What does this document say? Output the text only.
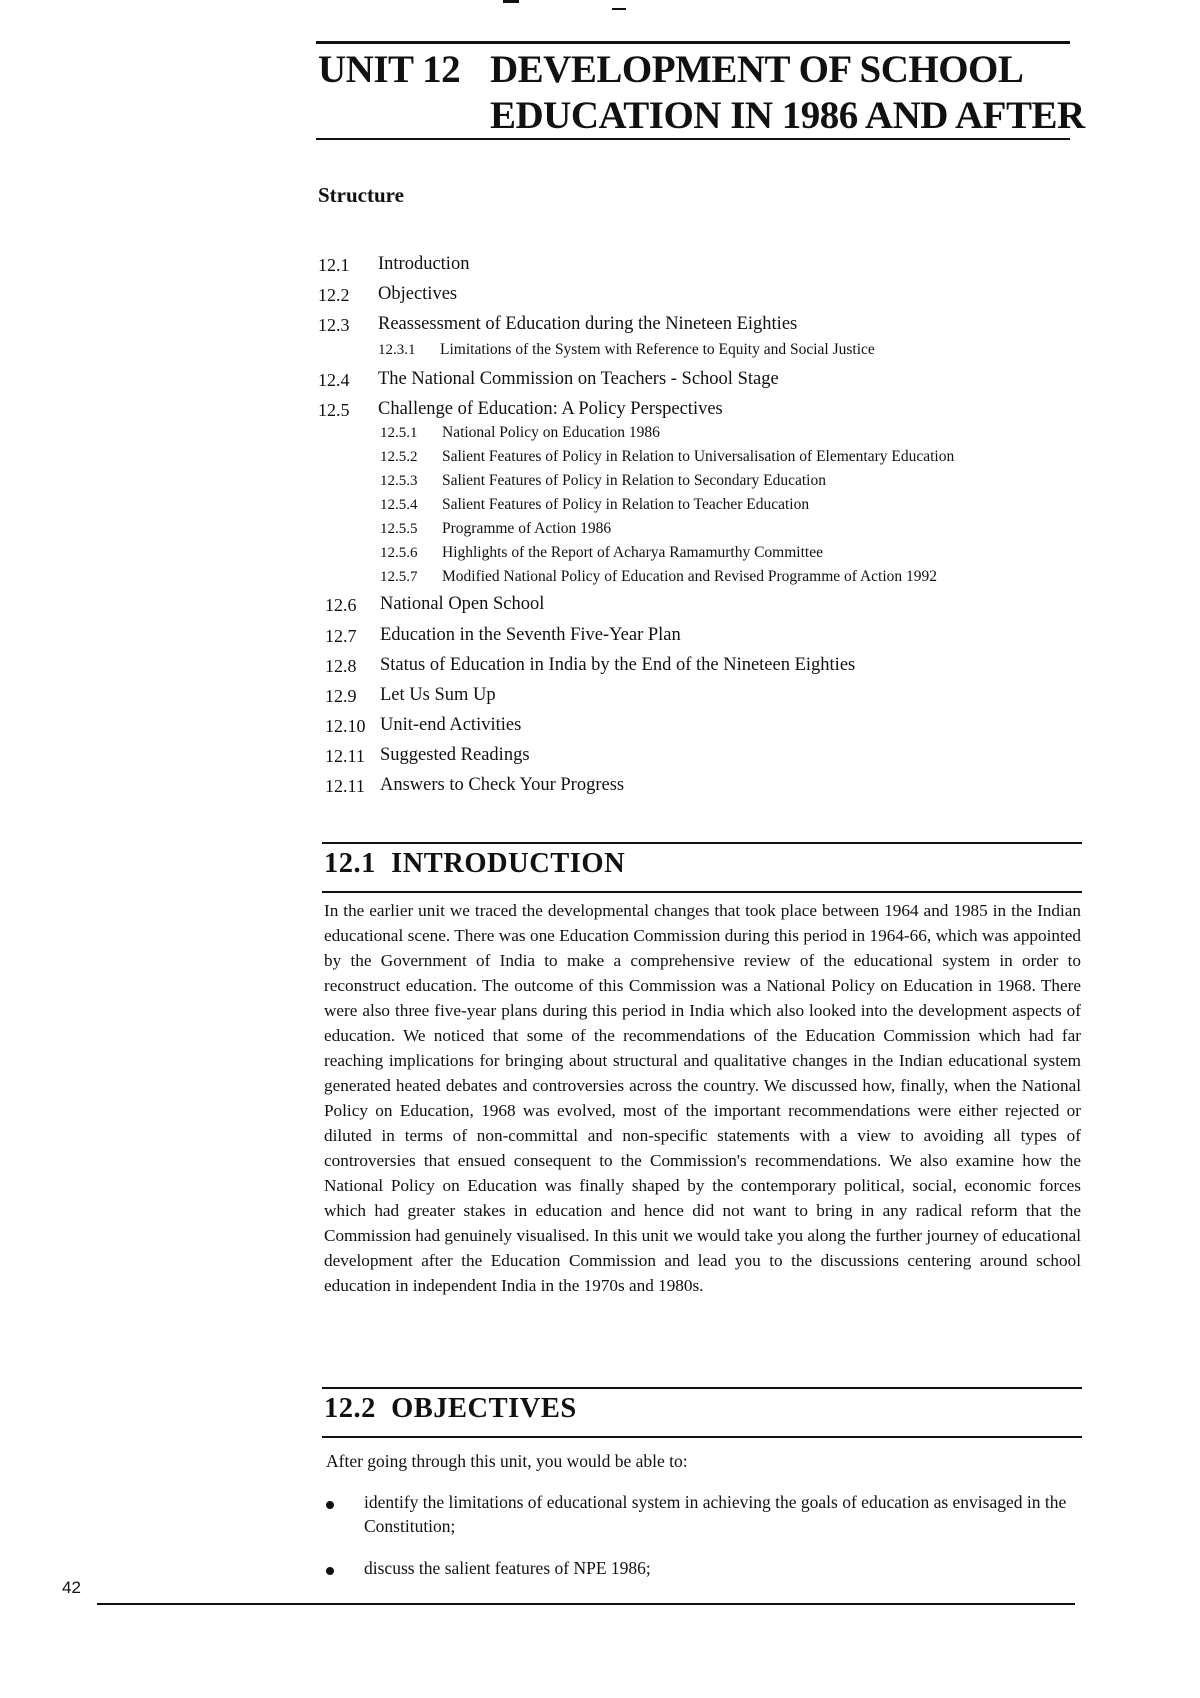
UNIT 12 DEVELOPMENT OF SCHOOL
EDUCATION IN 1986 AND AFTER
Structure
12.1 Introduction
12.2 Objectives
12.3 Reassessment of Education during the Nineteen Eighties
12.3.1 Limitations of the System with Reference to Equity and Social Justice
12.4 The National Commission on Teachers - School Stage
12.5 Challenge of Education: A Policy Perspectives
12.5.1 National Policy on Education 1986
12.5.2 Salient Features of Policy in Relation to Universalisation of Elementary Education
12.5.3 Salient Features of Policy in Relation to Secondary Education
12.5.4 Salient Features of Policy in Relation to Teacher Education
12.5.5 Programme of Action 1986
12.5.6 Highlights of the Report of Acharya Ramamurthy Committee
12.5.7 Modified National Policy of Education and Revised Programme of Action 1992
12.6 National Open School
12.7 Education in the Seventh Five-Year Plan
12.8 Status of Education in India by the End of the Nineteen Eighties
12.9 Let Us Sum Up
12.10 Unit-end Activities
12.11 Suggested Readings
12.11 Answers to Check Your Progress
12.1  INTRODUCTION
In the earlier unit we traced the developmental changes that took place between 1964 and 1985 in the Indian educational scene. There was one Education Commission during this period in 1964-66, which was appointed by the Government of India to make a comprehensive review of the educational system in order to reconstruct education. The outcome of this Commission was a National Policy on Education in 1968. There were also three five-year plans during this period in India which also looked into the development aspects of education. We noticed that some of the recommendations of the Education Commission which had far reaching implications for bringing about structural and qualitative changes in the Indian educational system generated heated debates and controversies across the country. We discussed how, finally, when the National Policy on Education, 1968 was evolved, most of the important recommendations were either rejected or diluted in terms of non-committal and non-specific statements with a view to avoiding all types of controversies that ensued consequent to the Commission's recommendations. We also examine how the National Policy on Education was finally shaped by the contemporary political, social, economic forces which had greater stakes in education and hence did not want to bring in any radical reform that the Commission had genuinely visualised. In this unit we would take you along the further journey of educational development after the Education Commission and lead you to the discussions centering around school education in independent India in the 1970s and 1980s.
12.2  OBJECTIVES
After going through this unit, you would be able to:
identify the limitations of educational system in achieving the goals of education as envisaged in the Constitution;
discuss the salient features of NPE 1986;
42
